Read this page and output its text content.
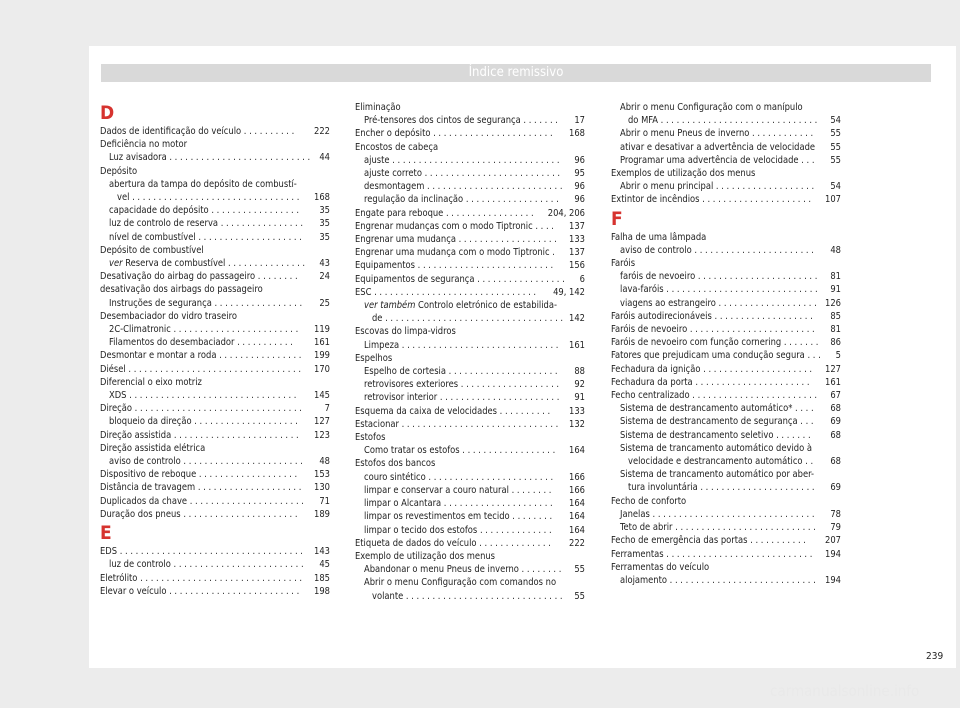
Índice remissivo
D
Dados de identificação do veículo . . . . . . . . . .	222
Deficiência no motor
Luz avisadora . . . . . . . . . . . . . . . . . . . . . . . . . . . 44
Depósito
abertura da tampa do depósito de combustí-
vel . . . . . . . . . . . . . . . . . . . . . . . . . . . . . . . .	168
capacidade do depósito . . . . . . . . . . . . . . . . .	35
luz de controlo de reserva . . . . . . . . . . . . . . . .	35
nível de combustível . . . . . . . . . . . . . . . . . . . .	35
Depósito de combustível
ver Reserva de combustível . . . . . . . . . . . . . . .	43
Desativação do airbag do passageiro . . . . . . . .	24
desativação dos airbags do passageiro
Instruções de segurança . . . . . . . . . . . . . . . . .	25
Desembaciador do vidro traseiro
2C-Climatronic . . . . . . . . . . . . . . . . . . . . . . . .	119
Filamentos do desembaciador . . . . . . . . . . .	161
Desmontar e montar a roda . . . . . . . . . . . . . . . .	199
Diésel . . . . . . . . . . . . . . . . . . . . . . . . . . . . . . . . .	170
Diferencial o eixo motriz
XDS . . . . . . . . . . . . . . . . . . . . . . . . . . . . . . . .	145
Direção . . . . . . . . . . . . . . . . . . . . . . . . . . . . . . . .	7
bloqueio da direção . . . . . . . . . . . . . . . . . . . .	127
Direção assistida . . . . . . . . . . . . . . . . . . . . . . . .	123
Direção assistida elétrica
aviso de controlo . . . . . . . . . . . . . . . . . . . . . . .	48
Dispositivo de reboque . . . . . . . . . . . . . . . . . . .	153
Distância de travagem . . . . . . . . . . . . . . . . . . . .	130
Duplicados da chave . . . . . . . . . . . . . . . . . . . . . .	71
Duração dos pneus . . . . . . . . . . . . . . . . . . . . . .	189
E
EDS . . . . . . . . . . . . . . . . . . . . . . . . . . . . . . . . . . .	143
luz de controlo . . . . . . . . . . . . . . . . . . . . . . . . .	45
Eletrólito . . . . . . . . . . . . . . . . . . . . . . . . . . . . . . .	185
Elevar o veículo . . . . . . . . . . . . . . . . . . . . . . . . .	198
Eliminação
Pré-tensores dos cintos de segurança . . . . . . .	17
Encher o depósito . . . . . . . . . . . . . . . . . . . . . . .	168
Encostos de cabeça
ajuste . . . . . . . . . . . . . . . . . . . . . . . . . . . . . . . .	96
ajuste correto . . . . . . . . . . . . . . . . . . . . . . . . . .	95
desmontagem . . . . . . . . . . . . . . . . . . . . . . . . . .	96
regulação da inclinação . . . . . . . . . . . . . . . . . .	96
Engate para reboque . . . . . . . . . . . . . . . . .	204, 206
Engrenar mudanças com o modo Tiptronic . . . .	137
Engrenar uma mudança . . . . . . . . . . . . . . . . . . .	133
Engrenar uma mudança com o modo Tiptronic .	137
Equipamentos . . . . . . . . . . . . . . . . . . . . . . . . . .	156
Equipamentos de segurança . . . . . . . . . . . . . . . . .	6
ESC . . . . . . . . . . . . . . . . . . . . . . . . . . . . . . .	49, 142
ver também Controlo eletrónico de estabilida-
de . . . . . . . . . . . . . . . . . . . . . . . . . . . . . . . . . . 142
Escovas do limpa-vidros
Limpeza . . . . . . . . . . . . . . . . . . . . . . . . . . . . . .	161
Espelhos
Espelho de cortesia . . . . . . . . . . . . . . . . . . . . .	88
retrovisores exteriores . . . . . . . . . . . . . . . . . . .	92
retrovisor interior . . . . . . . . . . . . . . . . . . . . . . .	91
Esquema da caixa de velocidades . . . . . . . . . .	133
Estacionar . . . . . . . . . . . . . . . . . . . . . . . . . . . . . .	132
Estofos
Como tratar os estofos . . . . . . . . . . . . . . . . . .	164
Estofos dos bancos
couro sintético . . . . . . . . . . . . . . . . . . . . . . . .	166
limpar e conservar a couro natural . . . . . . . .	166
limpar o Alcantara . . . . . . . . . . . . . . . . . . . . .	164
limpar os revestimentos em tecido . . . . . . . .	164
limpar o tecido dos estofos . . . . . . . . . . . . . .	164
Etiqueta de dados do veículo . . . . . . . . . . . . . .	222
Exemplo de utilização dos menus
Abandonar o menu Pneus de inverno . . . . . . . .	55
Abrir o menu Configuração com comandos no
volante . . . . . . . . . . . . . . . . . . . . . . . . . . . . . .	55
Abrir o menu Configuração com o manípulo
do MFA . . . . . . . . . . . . . . . . . . . . . . . . . . . . . .	54
Abrir o menu Pneus de inverno . . . . . . . . . . . .	55
ativar e desativar a advertência de velocidade	55
Programar uma advertência de velocidade . . .	55
Exemplos de utilização dos menus
Abrir o menu principal . . . . . . . . . . . . . . . . . . .	54
Extintor de incêndios . . . . . . . . . . . . . . . . . . . . .	107
F
Falha de uma lâmpada
aviso de controlo . . . . . . . . . . . . . . . . . . . . . . .	48
Faróis
faróis de nevoeiro . . . . . . . . . . . . . . . . . . . . . . .	81
lava-faróis . . . . . . . . . . . . . . . . . . . . . . . . . . . . .	91
viagens ao estrangeiro . . . . . . . . . . . . . . . . . . . 126
Faróis autodirecionáveis . . . . . . . . . . . . . . . . . . .	85
Faróis de nevoeiro . . . . . . . . . . . . . . . . . . . . . . . .	81
Faróis de nevoeiro com função cornering . . . . . . .	86
Fatores que prejudicam uma condução segura . . .	5
Fechadura da ignição . . . . . . . . . . . . . . . . . . . . .	127
Fechadura da porta . . . . . . . . . . . . . . . . . . . . . .	161
Fecho centralizado . . . . . . . . . . . . . . . . . . . . . . . .	67
Sistema de destrancamento automático* . . . .	68
Sistema de destrancamento de segurança . . .	69
Sistema de destrancamento seletivo . . . . . . .	68
Sistema de trancamento automático devido à
velocidade e destrancamento automático . .	68
Sistema de trancamento automático por aber-
tura involuntária . . . . . . . . . . . . . . . . . . . . . .	69
Fecho de conforto
Janelas . . . . . . . . . . . . . . . . . . . . . . . . . . . . . . .	78
Teto de abrir . . . . . . . . . . . . . . . . . . . . . . . . . . .	79
Fecho de emergência das portas . . . . . . . . . . .	207
Ferramentas . . . . . . . . . . . . . . . . . . . . . . . . . . . .	194
Ferramentas do veículo
alojamento . . . . . . . . . . . . . . . . . . . . . . . . . . . . 194
239
carmanualsonline.info
